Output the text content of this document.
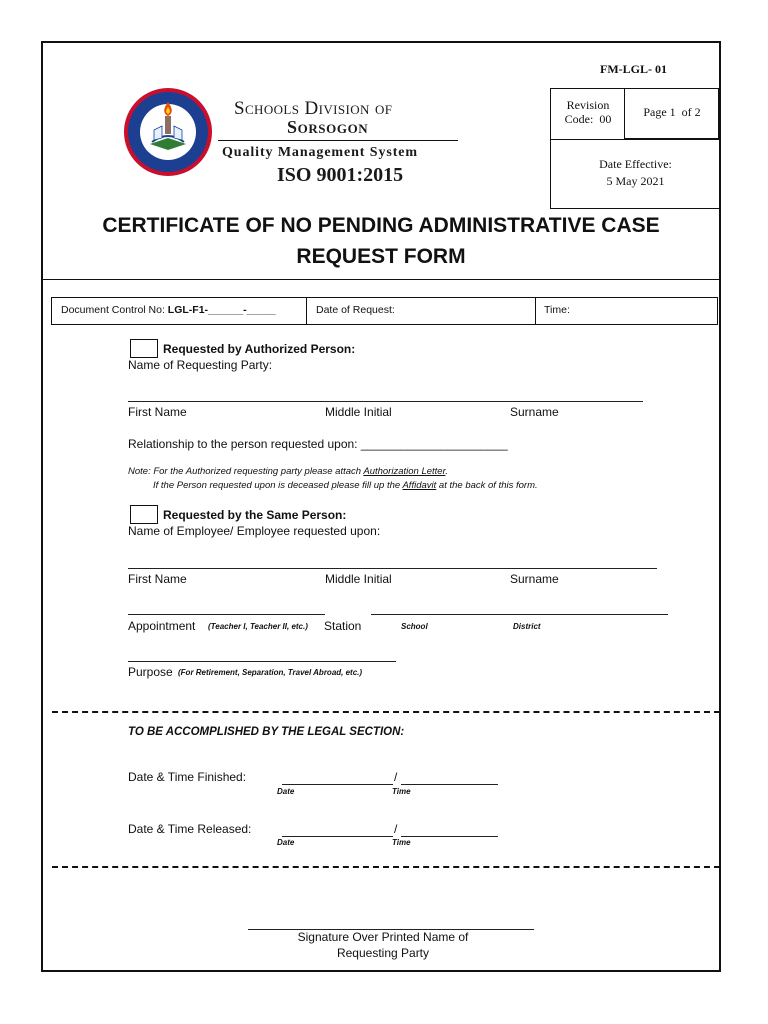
FM-LGL- 01
Revision
Code:  00	Page 1  of 2
Date Effective:
5 May 2021
Schools Division of
Sorsogon
Quality Management System
ISO 9001:2015
CERTIFICATE OF NO PENDING ADMINISTRATIVE CASE
REQUEST FORM
Document Control No: LGL-F1-______-_____	Date of Request:	Time:
Requested by Authorized Person:
Name of Requesting Party:
First Name	Middle Initial	Surname
Relationship to the person requested upon: ______________________
Note: For the Authorized requesting party please attach Authorization Letter.
If the Person requested upon is deceased please fill up the Affidavit at the back of this form.
Requested by the Same Person:
Name of Employee/ Employee requested upon:
First Name	Middle Initial	Surname
Appointment (Teacher I, Teacher II, etc.) Station	School	District
Purpose (For Retirement, Separation, Travel Abroad, etc.)
TO BE ACCOMPLISHED BY THE LEGAL SECTION:
Date & Time Finished:	/
Date	Time
Date & Time Released:	/
Date	Time
Signature Over Printed Name of
Requesting Party
